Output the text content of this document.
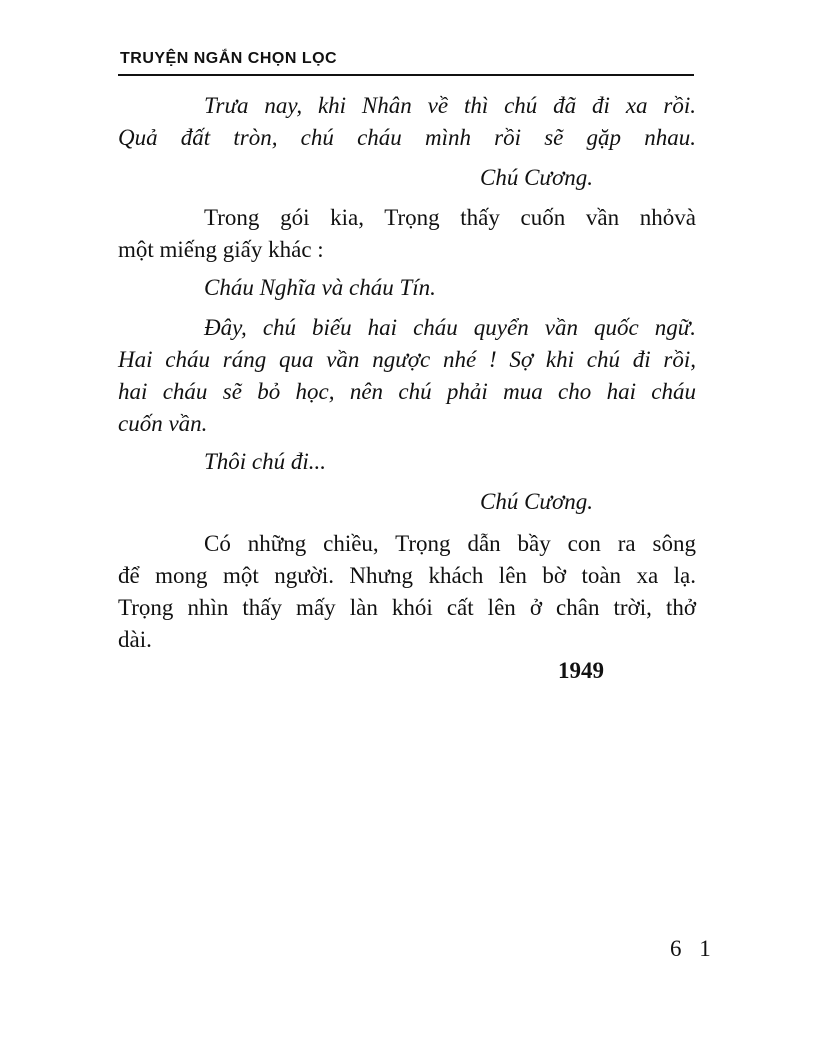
TRUYỆN NGẮN CHỌN LỌC
Trưa nay, khi Nhân về thì chú đã đi xa rồi.
Quả đất tròn, chú cháu mình rồi sẽ gặp nhau.
Chú Cương.
Trong gói kia, Trọng thấy cuốn vần nhỏvà
một miếng giấy khác :
Cháu Nghĩa và cháu Tín.
Đây, chú biếu hai cháu quyển vần quốc ngữ.
Hai cháu ráng qua vần ngược nhé ! Sợ khi chú đi rồi,
hai cháu sẽ bỏ học, nên chú phải mua cho hai cháu
cuốn vần.
Thôi chú đi...
Chú Cương.
Có những chiều, Trọng dẫn bầy con ra sông
để mong một người. Nhưng khách lên bờ toàn xa lạ.
Trọng nhìn thấy mấy làn khói cất lên ở chân trời, thở
dài.
1949
6 1
